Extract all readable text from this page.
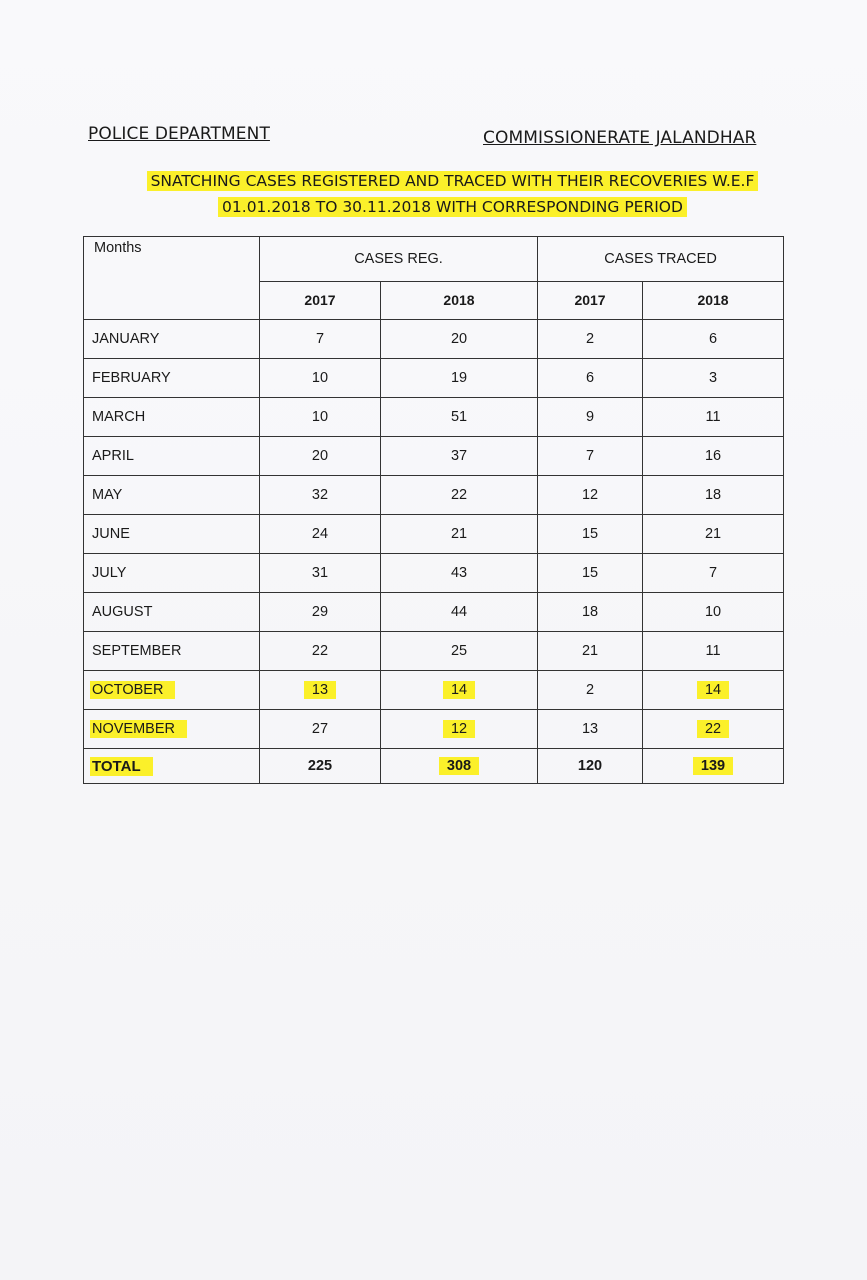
POLICE DEPARTMENT	COMMISSIONERATE JALANDHAR
SNATCHING CASES REGISTERED AND TRACED WITH THEIR RECOVERIES W.E.F
01.01.2018 TO 30.11.2018 WITH CORRESPONDING PERIOD
Months	CASES REG.		CASES TRACED	
	2017	2018	2017	2018
JANUARY	7	20	2	6
FEBRUARY	10	19	6	3
MARCH	10	51	9	11
APRIL	20	37	7	16
MAY	32	22	12	18
JUNE	24	21	15	21
JULY	31	43	15	7
AUGUST	29	44	18	10
SEPTEMBER	22	25	21	11
OCTOBER	13	14	2	14
NOVEMBER	27	12	13	22
TOTAL	225	308	120	139
